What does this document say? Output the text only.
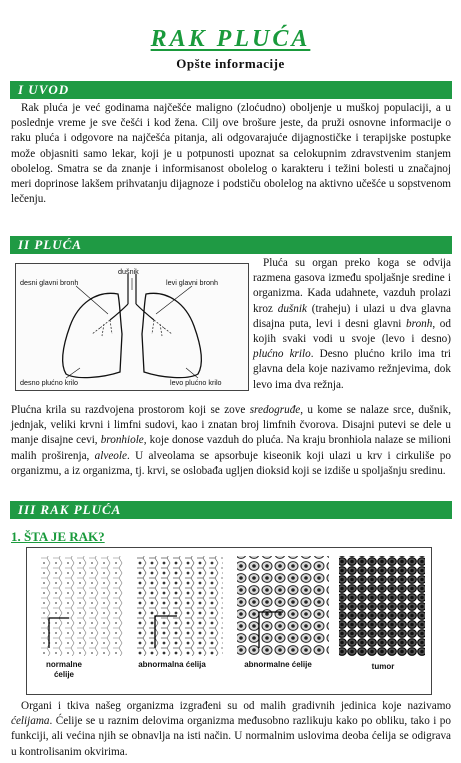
RAK PLUĆA
Opšte informacije
I UVOD

Rak pluća je već godinama najčešće maligno (zloćudno) oboljenje u muškoj populaciji, a u poslednje vreme je sve češći i kod žena. Cilj ove brošure jeste, da pruži osnovne informacije o raku pluća i odgovore na najčešća pitanja, ali odgovarajuće dijagnostičke i terapijske postupke može objasniti samo lekar, koji je u potpunosti upoznat sa celokupnim zdravstvenim stanjem obolelog. Smatra se da znanje i informisanost obolelog o karakteru i težini bolesti u značajnoj meri doprinose lakšem prihvatanju dijagnoze i podstiču obolelog na aktivno učešće u sopstvenom lečenju.

II PLUĆA
dušnik
desni glavni bronh	levi glavni bronh
desno plućno krilo	levo plućno krilo

Pluća su organ preko koga se odvija razmena gasova između spoljašnje sredine i organizma. Kada udahnete, vazduh prolazi kroz dušnik (traheju) i ulazi u dva glavna disajna puta, levi i desni glavni bronh, od kojih svaki vodi u svoje (levo i desno) plućno krilo. Desno plućno krilo ima tri glavna dela koje nazivamo režnjevima, dok levo ima dva režnja.

Plućna krila su razdvojena prostorom koji se zove sredogruđe, u kome se nalaze srce, dušnik, jednjak, veliki krvni i limfni sudovi, kao i znatan broj limfnih čvorova. Disajni putevi se dele u manje disajne cevi, bronhiole, koje donose vazduh do pluća. Na kraju bronhiola nalaze se milioni malih proširenja, alveole. U alveolama se apsorbuje kiseonik koji ulazi u krv i cirkuliše po organizmu, a iz organizma, tj. krvi, se oslobađa ugljen dioksid koji se izdiše u spoljašnju sredinu.

III RAK PLUĆA
1. ŠTA JE RAK?
normalne ćelije
abnormalna ćelija	abnormalne ćelije	tumor

Organi i tkiva našeg organizma izgrađeni su od malih gradivnih jedinica koje nazivamo ćelijama. Ćelije se u raznim delovima organizma međusobno razlikuju kako po obliku, tako i po funkciji, ali većina njih se obnavlja na isti način. U normalnim uslovima deoba ćelija se odigrava u kontrolisanim okvirima.
